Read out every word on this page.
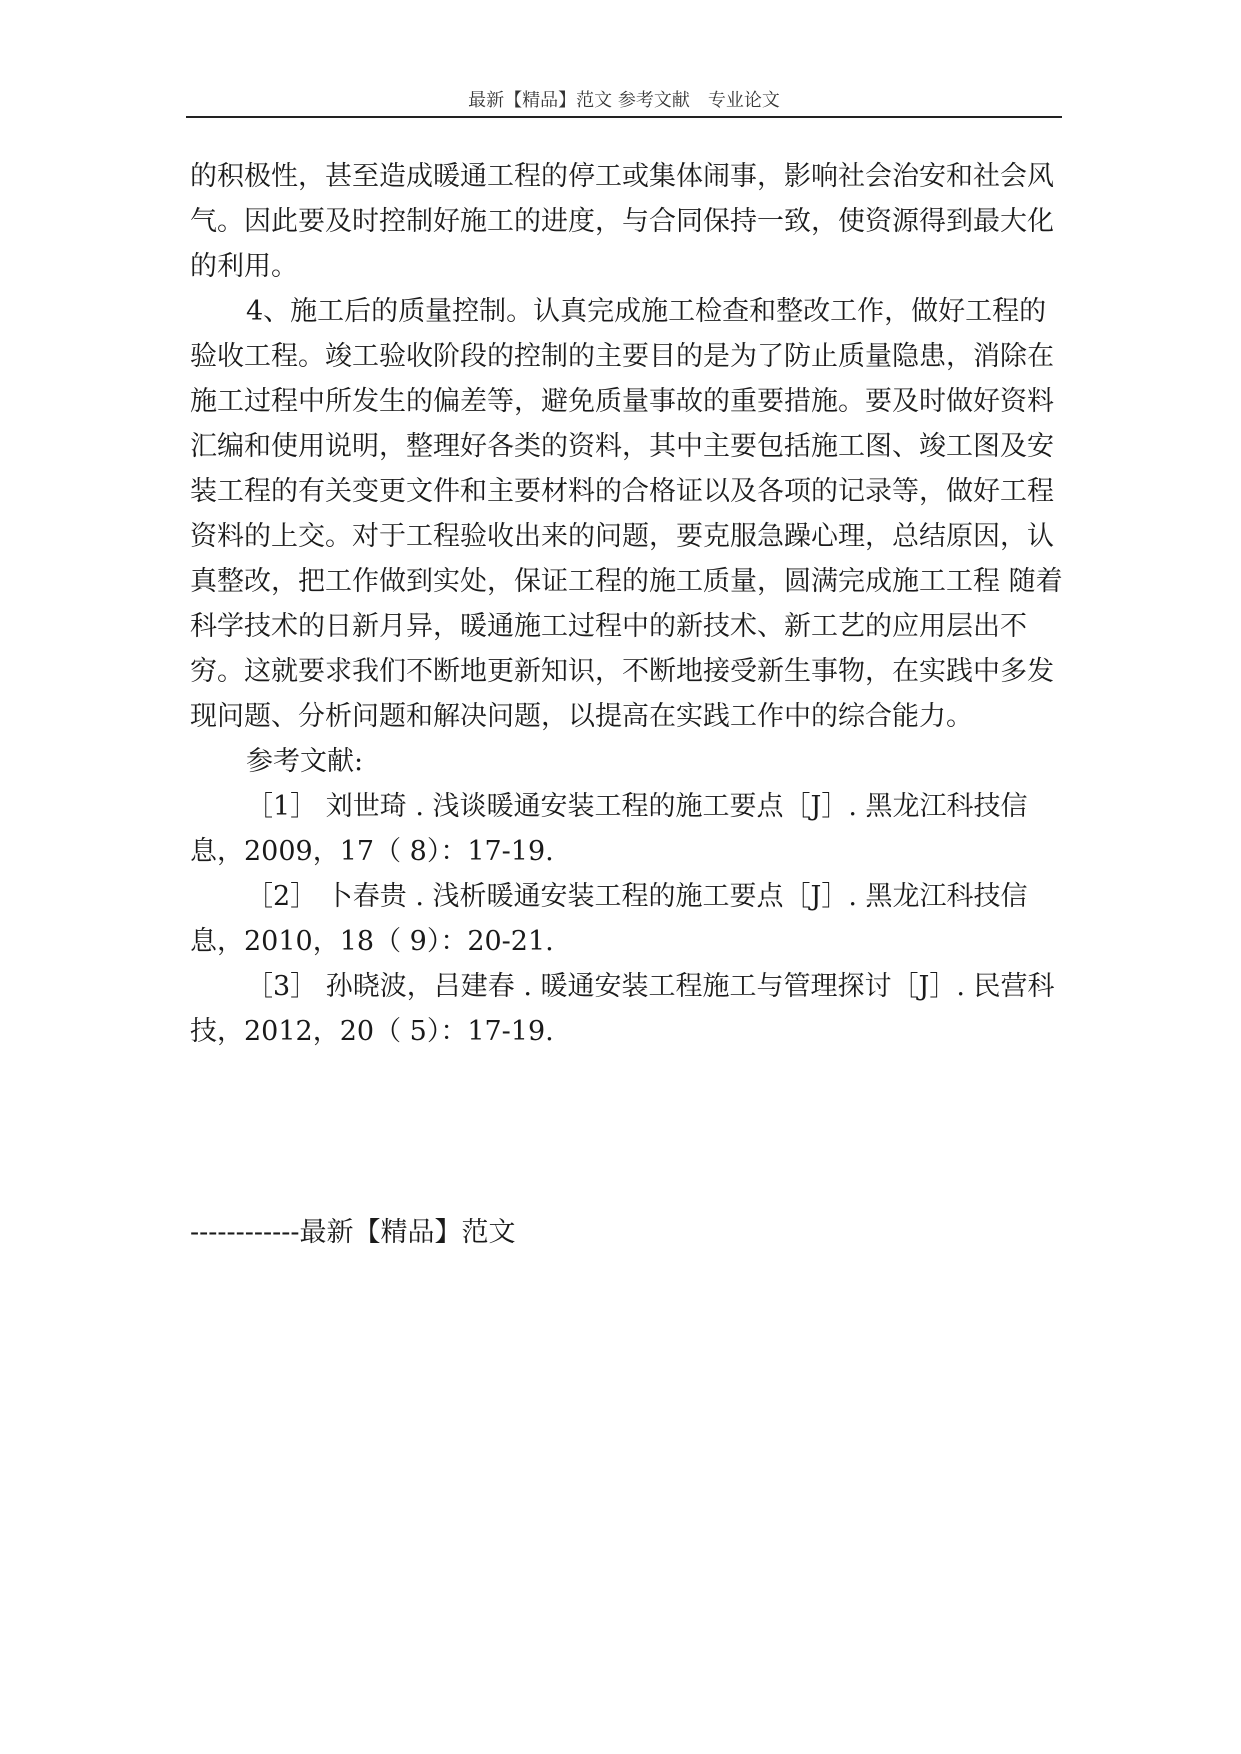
最新【精品】范文 参考文献　专业论文

的积极性，甚至造成暖通工程的停工或集体闹事，影响社会治安和社会风气。因此要及时控制好施工的进度，与合同保持一致，使资源得到最大化的利用。

4、施工后的质量控制。认真完成施工检查和整改工作，做好工程的验收工程。竣工验收阶段的控制的主要目的是为了防止质量隐患，消除在施工过程中所发生的偏差等，避免质量事故的重要措施。要及时做好资料汇编和使用说明，整理好各类的资料，其中主要包括施工图、竣工图及安装工程的有关变更文件和主要材料的合格证以及各项的记录等，做好工程资料的上交。对于工程验收出来的问题，要克服急躁心理，总结原因，认真整改，把工作做到实处，保证工程的施工质量，圆满完成施工工程 随着科学技术的日新月异，暖通施工过程中的新技术、新工艺的应用层出不穷。这就要求我们不断地更新知识，不断地接受新生事物，在实践中多发现问题、分析问题和解决问题，以提高在实践工作中的综合能力。

参考文献:

［1］ 刘世琦 . 浅谈暖通安装工程的施工要点［J］. 黑龙江科技信息，2009，17（ 8）：17-19.

［2］ 卜春贵 . 浅析暖通安装工程的施工要点［J］. 黑龙江科技信息，2010，18（ 9）：20-21.

［3］ 孙晓波，吕建春 . 暖通安装工程施工与管理探讨［J］. 民营科技，2012，20（ 5）：17-19.

------------最新【精品】范文
